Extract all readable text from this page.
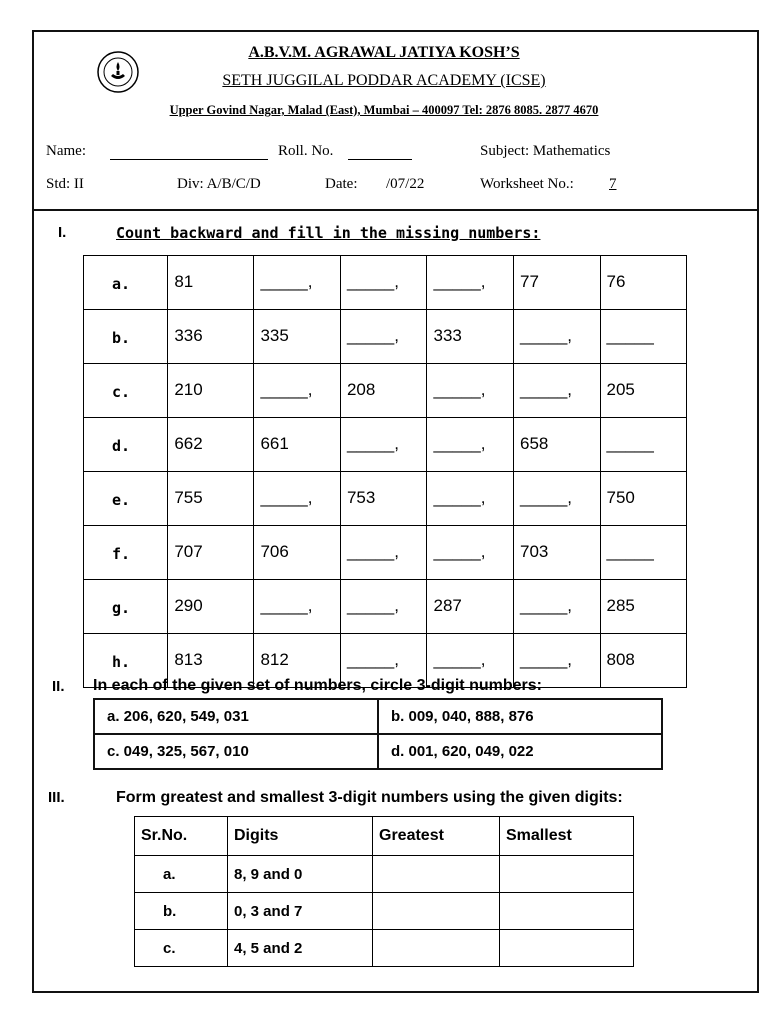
A.B.V.M. AGRAWAL JATIYA KOSH’S
SETH JUGGILAL PODDAR ACADEMY (ICSE)
Upper Govind Nagar, Malad (East), Mumbai – 400097 Tel: 2876 8085. 2877 4670
Name:	Roll. No.	Subject: Mathematics
Std: II	Div: A/B/C/D	Date: /07/22	Worksheet No.: 7
I.	Count backward and fill in the missing numbers:
a.	81	_____,	_____,	_____,	77	76
b.	336	335	_____,	333	_____,	_____
c.	210	_____,	208	_____,	_____,	205
d.	662	661	_____,	_____,	658	_____
e.	755	_____,	753	_____,	_____,	750
f.	707	706	_____,	_____,	703	_____
g.	290	_____,	_____,	287	_____,	285
h.	813	812	_____,	_____,	_____,	808
II. In each of the given set of numbers, circle 3-digit numbers:
a. 206, 620, 549, 031	b. 009, 040, 888, 876
c. 049, 325, 567, 010	d. 001, 620, 049, 022
III.	Form greatest and smallest 3-digit numbers using the given digits:
Sr.No.	Digits	Greatest	Smallest
a.	8, 9 and 0		
b.	0, 3 and 7		
c.	4, 5 and 2		
